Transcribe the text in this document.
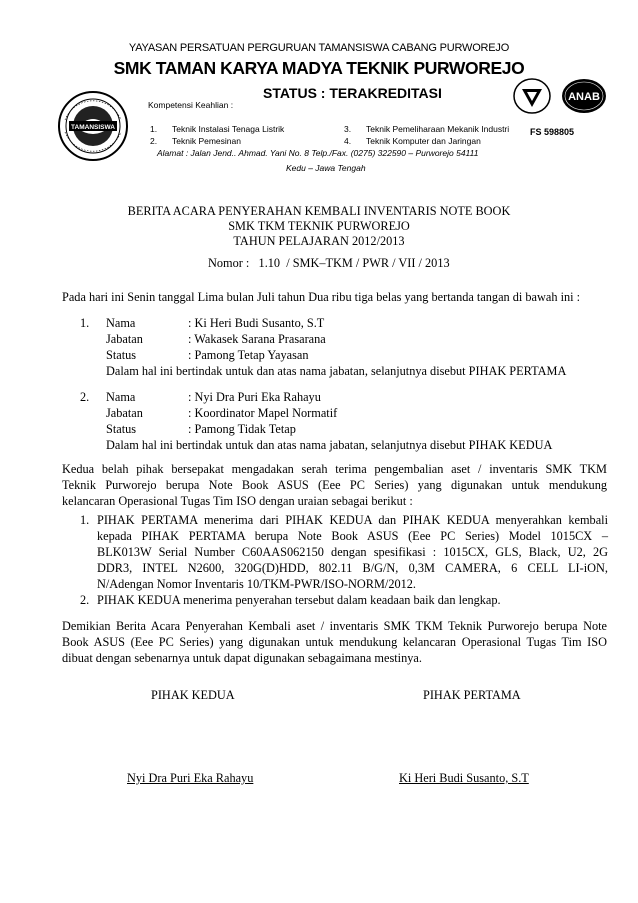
TAMANSISWA
YAYASAN PERSATUAN PERGURUAN TAMANSISWA CABANG PURWOREJO
SMK TAMAN KARYA MADYA TEKNIK PURWOREJO
STATUS : TERAKREDITASI
Kompetensi Keahlian :
1. Teknik Instalasi Tenaga Listrik
2. Teknik Pemesinan
3. Teknik Pemeliharaan Mekanik Industri
4. Teknik Komputer dan Jaringan
Alamat : Jalan Jend.. Ahmad. Yani No. 8 Telp./Fax. (0275) 322590 – Purworejo 54111
Kedu – Jawa Tengah
ANAB
FS 598805
BERITA ACARA PENYERAHAN KEMBALI INVENTARIS NOTE BOOK
SMK TKM TEKNIK PURWOREJO
TAHUN PELAJARAN 2012/2013
Nomor :   1.10  / SMK–TKM / PWR / VII / 2013
Pada hari ini Senin tanggal Lima bulan Juli tahun Dua ribu tiga belas yang bertanda tangan di bawah ini :
1. Nama	: Ki Heri Budi Susanto, S.T
Jabatan	: Wakasek Sarana Prasarana
Status	: Pamong Tetap Yayasan
Dalam hal ini bertindak untuk dan atas nama jabatan, selanjutnya disebut PIHAK PERTAMA
2. Nama	: Nyi Dra Puri Eka Rahayu
Jabatan	: Koordinator Mapel Normatif
Status	: Pamong Tidak Tetap
Dalam hal ini bertindak untuk dan atas nama jabatan, selanjutnya disebut PIHAK KEDUA
Kedua belah pihak bersepakat mengadakan serah terima pengembalian aset / inventaris SMK TKM
Teknik Purworejo berupa Note Book ASUS (Eee PC Series) yang digunakan untuk mendukung
kelancaran Operasional Tugas Tim ISO dengan uraian sebagai berikut :
1. PIHAK PERTAMA menerima dari PIHAK KEDUA dan PIHAK KEDUA menyerahkan kembali
kepada PIHAK PERTAMA berupa Note Book ASUS (Eee PC Series) Model 1015CX –
BLK013W Serial Number C60AAS062150 dengan spesifikasi : 1015CX, GLS, Black, U2, 2G
DDR3, INTEL N2600, 320G(D)HDD, 802.11 B/G/N, 0,3M CAMERA, 6 CELL LI-iON,
N/Adengan Nomor Inventaris 10/TKM-PWR/ISO-NORM/2012.
2. PIHAK KEDUA menerima penyerahan tersebut dalam keadaan baik dan lengkap.
Demikian Berita Acara Penyerahan Kembali aset / inventaris SMK TKM Teknik Purworejo berupa Note
Book ASUS (Eee PC Series) yang digunakan untuk mendukung kelancaran Operasional Tugas Tim ISO
dibuat dengan sebenarnya untuk dapat digunakan sebagaimana mestinya.
PIHAK KEDUA	PIHAK PERTAMA
Nyi Dra Puri Eka Rahayu	Ki Heri Budi Susanto, S.T
